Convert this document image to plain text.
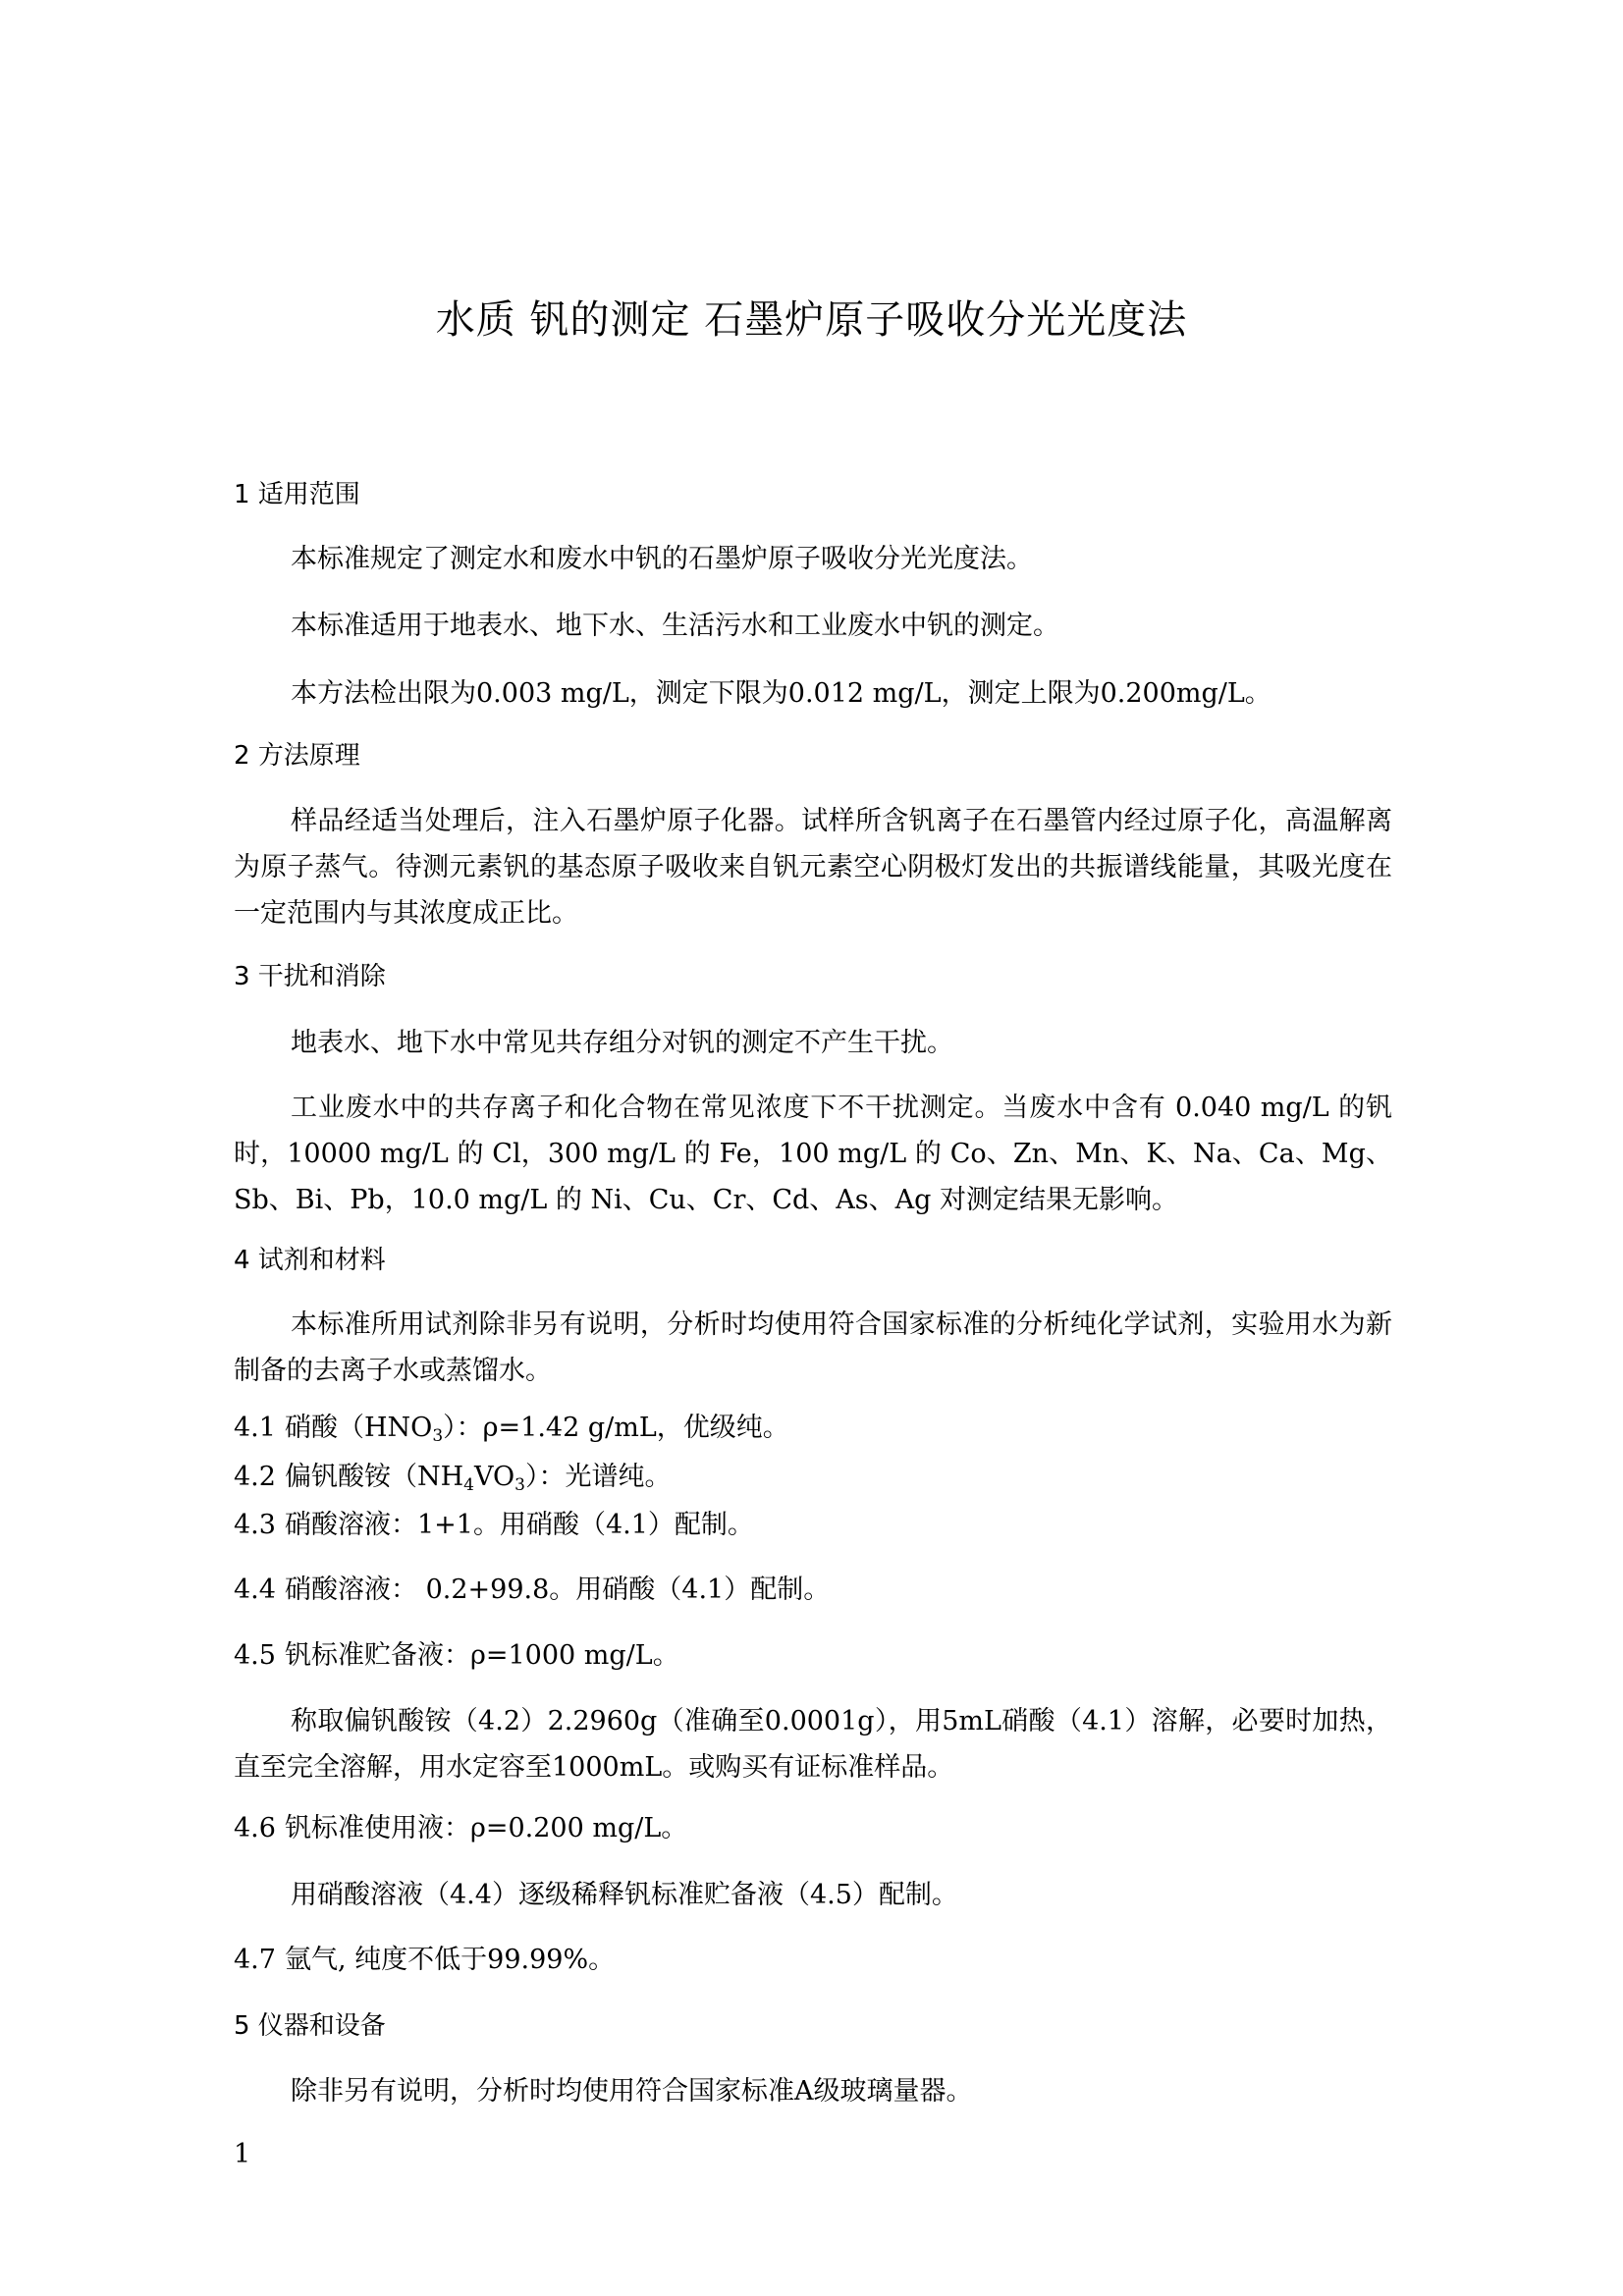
水质 钒的测定 石墨炉原子吸收分光光度法
1 适用范围
本标准规定了测定水和废水中钒的石墨炉原子吸收分光光度法。
本标准适用于地表水、地下水、生活污水和工业废水中钒的测定。
本方法检出限为0.003 mg/L，测定下限为0.012 mg/L，测定上限为0.200mg/L。
2 方法原理
样品经适当处理后，注入石墨炉原子化器。试样所含钒离子在石墨管内经过原子化，高温解离为原子蒸气。待测元素钒的基态原子吸收来自钒元素空心阴极灯发出的共振谱线能量，其吸光度在一定范围内与其浓度成正比。
3 干扰和消除
地表水、地下水中常见共存组分对钒的测定不产生干扰。
工业废水中的共存离子和化合物在常见浓度下不干扰测定。当废水中含有 0.040 mg/L 的钒时，10000 mg/L 的 Cl，300 mg/L 的 Fe，100 mg/L 的 Co、Zn、Mn、K、Na、Ca、Mg、Sb、Bi、Pb，10.0 mg/L 的 Ni、Cu、Cr、Cd、As、Ag 对测定结果无影响。
4 试剂和材料
本标准所用试剂除非另有说明，分析时均使用符合国家标准的分析纯化学试剂，实验用水为新制备的去离子水或蒸馏水。
4.1 硝酸$(HNO_3)$：ρ=1.42 g/mL，优级纯。
4.2 偏钒酸铵$(NH_4VO_3)$：光谱纯。
4.3 硝酸溶液：1+1。用硝酸（4.1）配制。
4.4 硝酸溶液： 0.2+99.8。用硝酸（4.1）配制。
4.5 钒标准贮备液：ρ=1000 mg/L。
称取偏钒酸铵（4.2）2.2960g（准确至0.0001g），用5mL硝酸（4.1）溶解，必要时加热，直至完全溶解，用水定容至1000mL。或购买有证标准样品。
4.6 钒标准使用液：ρ=0.200 mg/L。
用硝酸溶液（4.4）逐级稀释钒标准贮备液（4.5）配制。
4.7 氩气, 纯度不低于99.99%。
5 仪器和设备
除非另有说明，分析时均使用符合国家标准A级玻璃量器。
1
